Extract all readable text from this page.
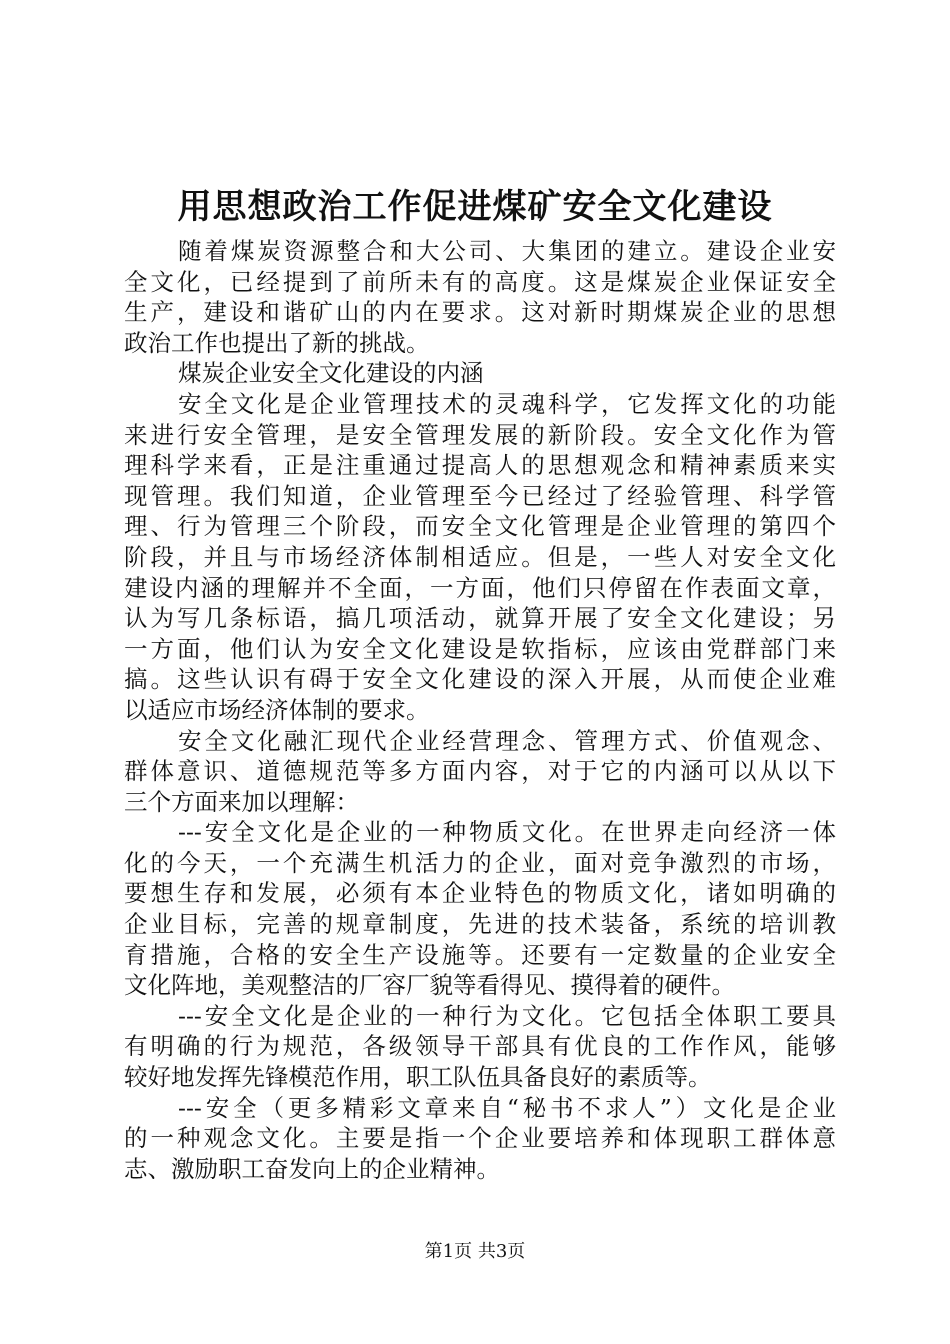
用思想政治工作促进煤矿安全文化建设
随着煤炭资源整合和大公司、大集团的建立。建设企业安
全文化，已经提到了前所未有的高度。这是煤炭企业保证安全
生产，建设和谐矿山的内在要求。这对新时期煤炭企业的思想
政治工作也提出了新的挑战。
煤炭企业安全文化建设的内涵
安全文化是企业管理技术的灵魂科学，它发挥文化的功能
来进行安全管理，是安全管理发展的新阶段。安全文化作为管
理科学来看，正是注重通过提高人的思想观念和精神素质来实
现管理。我们知道，企业管理至今已经过了经验管理、科学管
理、行为管理三个阶段，而安全文化管理是企业管理的第四个
阶段，并且与市场经济体制相适应。但是，一些人对安全文化
建设内涵的理解并不全面，一方面，他们只停留在作表面文章，
认为写几条标语，搞几项活动，就算开展了安全文化建设；另
一方面，他们认为安全文化建设是软指标，应该由党群部门来
搞。这些认识有碍于安全文化建设的深入开展，从而使企业难
以适应市场经济体制的要求。
安全文化融汇现代企业经营理念、管理方式、价值观念、
群体意识、道德规范等多方面内容，对于它的内涵可以从以下
三个方面来加以理解：
---安全文化是企业的一种物质文化。在世界走向经济一体
化的今天，一个充满生机活力的企业，面对竞争激烈的市场，
要想生存和发展，必须有本企业特色的物质文化，诸如明确的
企业目标，完善的规章制度，先进的技术装备，系统的培训教
育措施，合格的安全生产设施等。还要有一定数量的企业安全
文化阵地，美观整洁的厂容厂貌等看得见、摸得着的硬件。
---安全文化是企业的一种行为文化。它包括全体职工要具
有明确的行为规范，各级领导干部具有优良的工作作风，能够
较好地发挥先锋模范作用，职工队伍具备良好的素质等。
---安全（更多精彩文章来自“秘书不求人”）文化是企业
的一种观念文化。主要是指一个企业要培养和体现职工群体意
志、激励职工奋发向上的企业精神。
第1页 共3页
